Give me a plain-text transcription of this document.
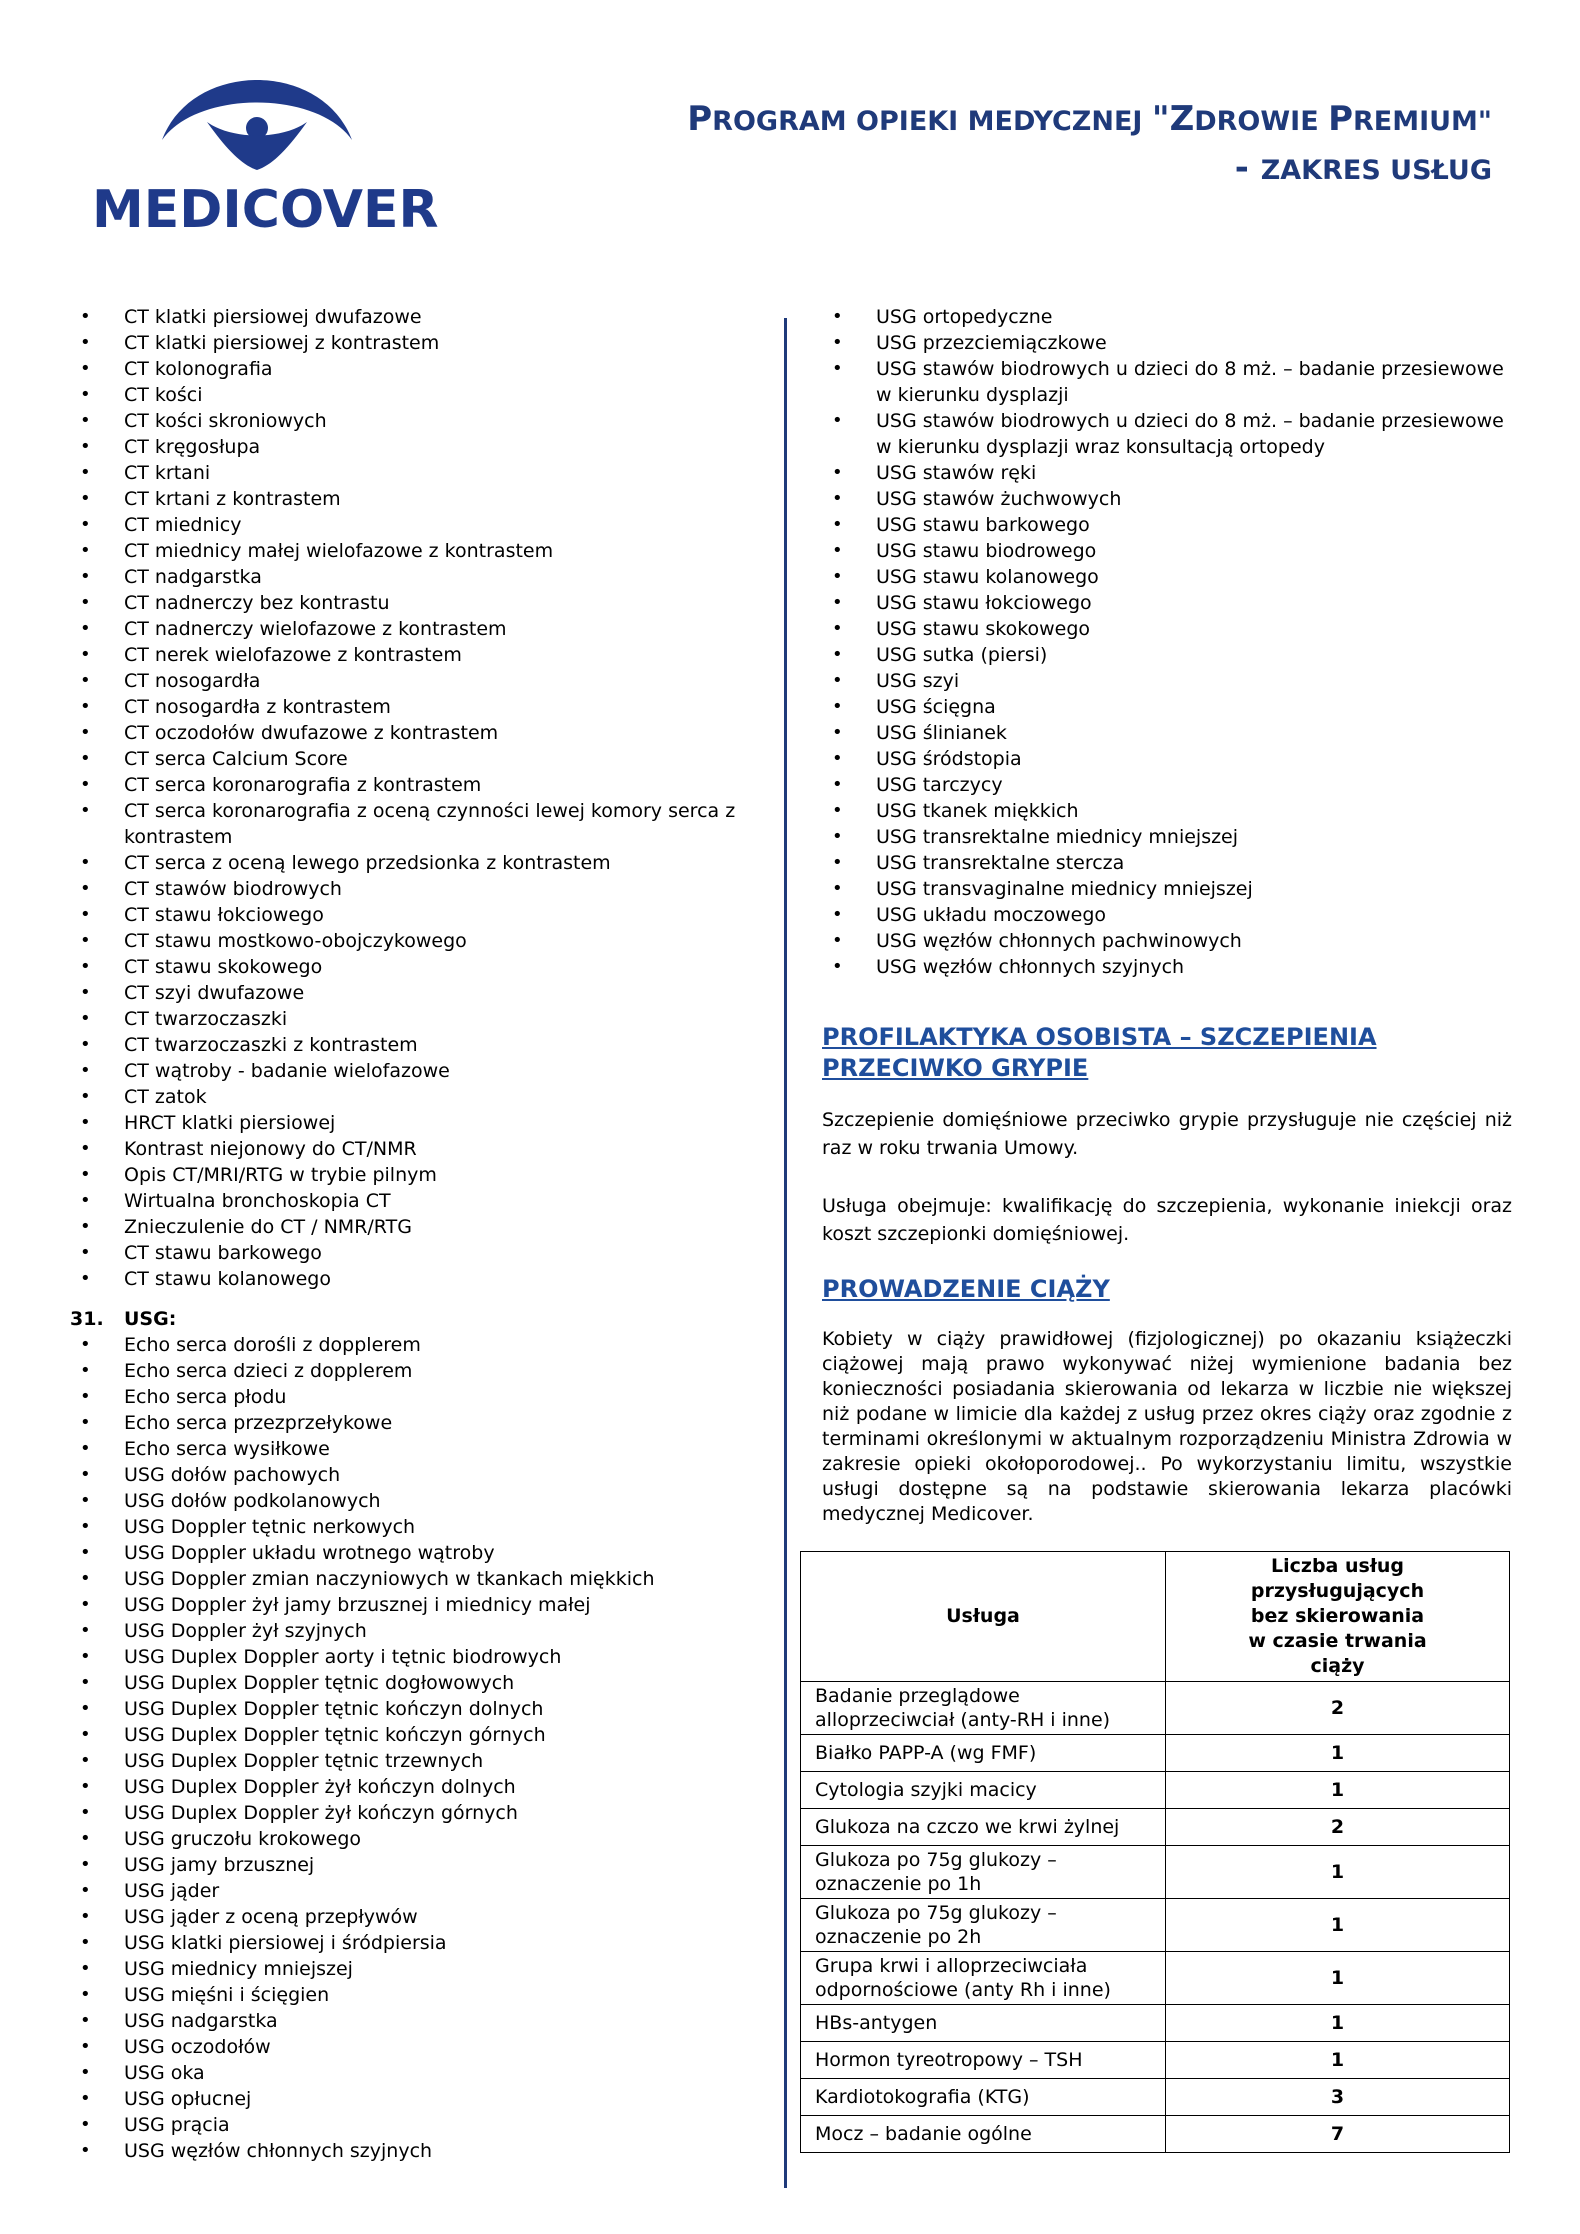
MEDICOVER
PROGRAM OPIEKI MEDYCZNEJ "ZDROWIE PREMIUM"
- ZAKRES USŁUG
• CT klatki piersiowej dwufazowe
• CT klatki piersiowej z kontrastem
• CT kolonografia
• CT kości
• CT kości skroniowych
• CT kręgosłupa
• CT krtani
• CT krtani z kontrastem
• CT miednicy
• CT miednicy małej wielofazowe z kontrastem
• CT nadgarstka
• CT nadnerczy bez kontrastu
• CT nadnerczy wielofazowe z kontrastem
• CT nerek wielofazowe z kontrastem
• CT nosogardła
• CT nosogardła z kontrastem
• CT oczodołów dwufazowe z kontrastem
• CT serca Calcium Score
• CT serca koronarografia z kontrastem
• CT serca koronarografia z oceną czynności lewej komory serca z kontrastem
• CT serca z oceną lewego przedsionka z kontrastem
• CT stawów biodrowych
• CT stawu łokciowego
• CT stawu mostkowo-obojczykowego
• CT stawu skokowego
• CT szyi dwufazowe
• CT twarzoczaszki
• CT twarzoczaszki z kontrastem
• CT wątroby - badanie wielofazowe
• CT zatok
• HRCT klatki piersiowej
• Kontrast niejonowy do CT/NMR
• Opis CT/MRI/RTG w trybie pilnym
• Wirtualna bronchoskopia CT
• Znieczulenie do CT / NMR/RTG
• CT stawu barkowego
• CT stawu kolanowego
31.	USG:
• Echo serca dorośli z dopplerem
• Echo serca dzieci z dopplerem
• Echo serca płodu
• Echo serca przezprzełykowe
• Echo serca wysiłkowe
• USG dołów pachowych
• USG dołów podkolanowych
• USG Doppler tętnic nerkowych
• USG Doppler układu wrotnego wątroby
• USG Doppler zmian naczyniowych w tkankach miękkich
• USG Doppler żył jamy brzusznej i miednicy małej
• USG Doppler żył szyjnych
• USG Duplex Doppler aorty i tętnic biodrowych
• USG Duplex Doppler tętnic dogłowowych
• USG Duplex Doppler tętnic kończyn dolnych
• USG Duplex Doppler tętnic kończyn górnych
• USG Duplex Doppler tętnic trzewnych
• USG Duplex Doppler żył kończyn dolnych
• USG Duplex Doppler żył kończyn górnych
• USG gruczołu krokowego
• USG jamy brzusznej
• USG jąder
• USG jąder z oceną przepływów
• USG klatki piersiowej i śródpiersia
• USG miednicy mniejszej
• USG mięśni i ścięgien
• USG nadgarstka
• USG oczodołów
• USG oka
• USG opłucnej
• USG prącia
• USG węzłów chłonnych szyjnych
• USG ortopedyczne
• USG przezciemiączkowe
• USG stawów biodrowych u dzieci do 8 mż. – badanie przesiewowe w kierunku dysplazji
• USG stawów biodrowych u dzieci do 8 mż. – badanie przesiewowe w kierunku dysplazji wraz konsultacją ortopedy
• USG stawów ręki
• USG stawów żuchwowych
• USG stawu barkowego
• USG stawu biodrowego
• USG stawu kolanowego
• USG stawu łokciowego
• USG stawu skokowego
• USG sutka (piersi)
• USG szyi
• USG ścięgna
• USG ślinianek
• USG śródstopia
• USG tarczycy
• USG tkanek miękkich
• USG transrektalne miednicy mniejszej
• USG transrektalne stercza
• USG transvaginalne miednicy mniejszej
• USG układu moczowego
• USG węzłów chłonnych pachwinowych
• USG węzłów chłonnych szyjnych

PROFILAKTYKA OSOBISTA – SZCZEPIENIA

PRZECIWKO GRYPIE

Szczepienie domięśniowe przeciwko grypie przysługuje nie częściej niż raz w roku trwania Umowy.

Usługa obejmuje: kwalifikację do szczepienia, wykonanie iniekcji oraz koszt szczepionki domięśniowej.

PROWADZENIE CIĄŻY

Kobiety w ciąży prawidłowej (fizjologicznej) po okazaniu książeczki ciążowej mają prawo wykonywać niżej wymienione badania bez konieczności posiadania skierowania od lekarza w liczbie nie większej niż podane w limicie dla każdej z usług przez okres ciąży oraz zgodnie z terminami określonymi w aktualnym rozporządzeniu Ministra Zdrowia w zakresie opieki okołoporodowej.. Po wykorzystaniu limitu, wszystkie usługi dostępne są na podstawie skierowania lekarza placówki medycznej Medicover.

Usługa	Liczba usług
przysługujących
bez skierowania
w czasie trwania
ciąży

Badanie przeglądowe alloprzeciwciał (anty-RH i inne)	2
Białko PAPP-A (wg FMF)	1
Cytologia szyjki macicy	1
Glukoza na czczo we krwi żylnej	2
Glukoza po 75g glukozy – oznaczenie po 1h	1
Glukoza po 75g glukozy – oznaczenie po 2h	1
Grupa krwi i alloprzeciwciała odpornościowe (anty Rh i inne)	1
HBs-antygen	1
Hormon tyreotropowy – TSH	1
Kardiotokografia (KTG)	3
Mocz – badanie ogólne	7
